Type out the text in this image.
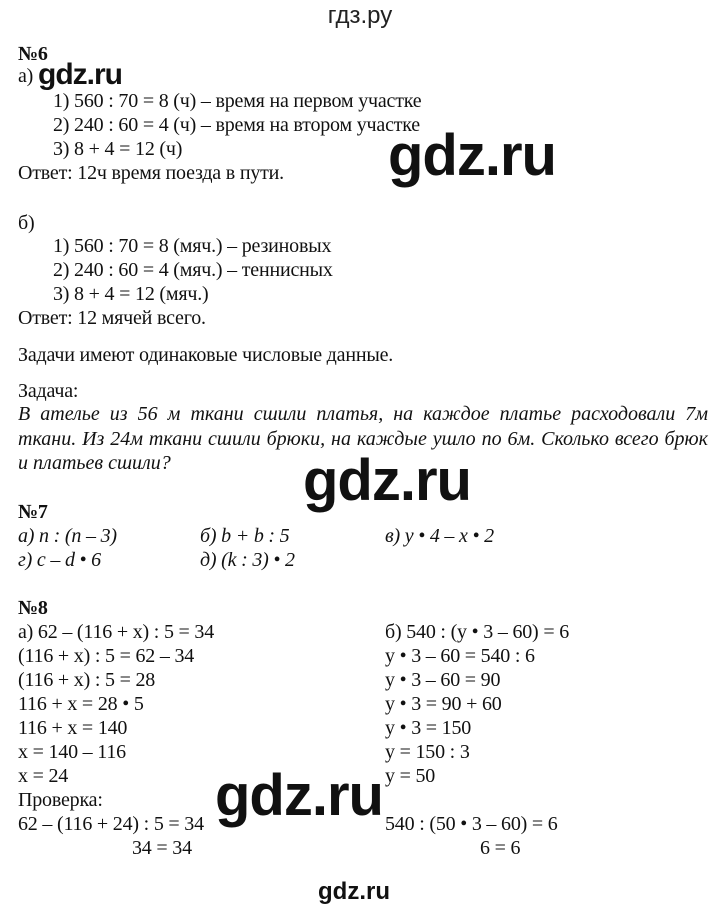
гдз.ру
№6
а) gdz.ru
1) 560 : 70 = 8 (ч) – время на первом участке
2) 240 : 60 = 4 (ч) – время на втором участке
3) 8 + 4 = 12 (ч)
Ответ: 12ч время поезда в пути. gdz.ru
б)
1) 560 : 70 = 8 (мяч.) – резиновых
2) 240 : 60 = 4 (мяч.) – теннисных
3) 8 + 4 = 12 (мяч.)
Ответ: 12 мячей всего.
Задачи имеют одинаковые числовые данные.
Задача:
В ателье из 56 м ткани сшили платья, на каждое платье расходовали 7м ткани. Из 24м ткани сшили брюки, на каждые ушло по 6м. Сколько всего брюк и платьев сшили?	gdz.ru
№7
а) n : (n – 3)	б) b + b : 5	в) y • 4 – x • 2
г) c – d • 6	д) (k : 3) • 2
№8
а) 62 – (116 + x) : 5 = 34
(116 + x) : 5 = 62 – 34
(116 + x) : 5 = 28
116 + x = 28 • 5
116 + x = 140
x = 140 – 116
x = 24
Проверка:
62 – (116 + 24) : 5 = 34
34 = 34
б) 540 : (y • 3 – 60) = 6
y • 3 – 60 = 540 : 6
y • 3 – 60 = 90
y • 3 = 90 + 60
y • 3 = 150
y = 150 : 3
y = 50
540 : (50 • 3 – 60) = 6
6 = 6
gdz.ru
gdz.ru
